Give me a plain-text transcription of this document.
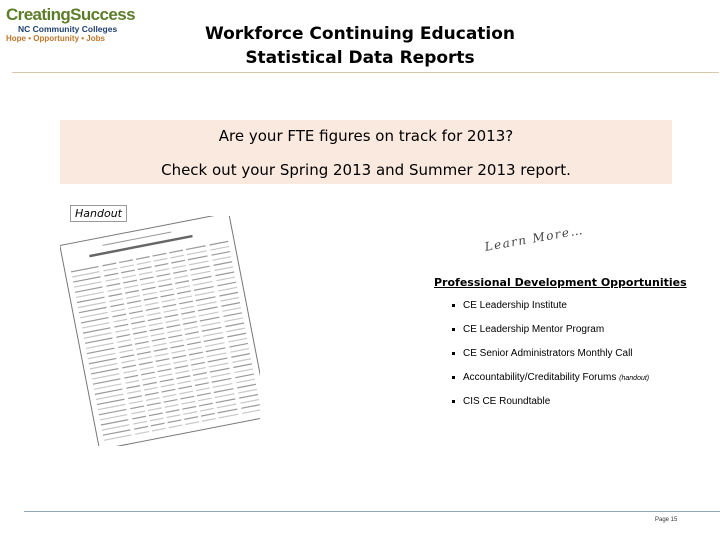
CreatingSuccess
NC Community Colleges
Hope • Opportunity • Jobs	Workforce Continuing Education
Statistical Data Reports
Are your FTE figures on track for 2013?
Check out your Spring 2013 and Summer 2013 report.
Handout
Learn More…
Professional Development Opportunities
CE Leadership Institute
CE Leadership Mentor Program
CE Senior Administrators Monthly Call
Accountability/Creditability Forums (handout)
CIS CE Roundtable
Page 15
